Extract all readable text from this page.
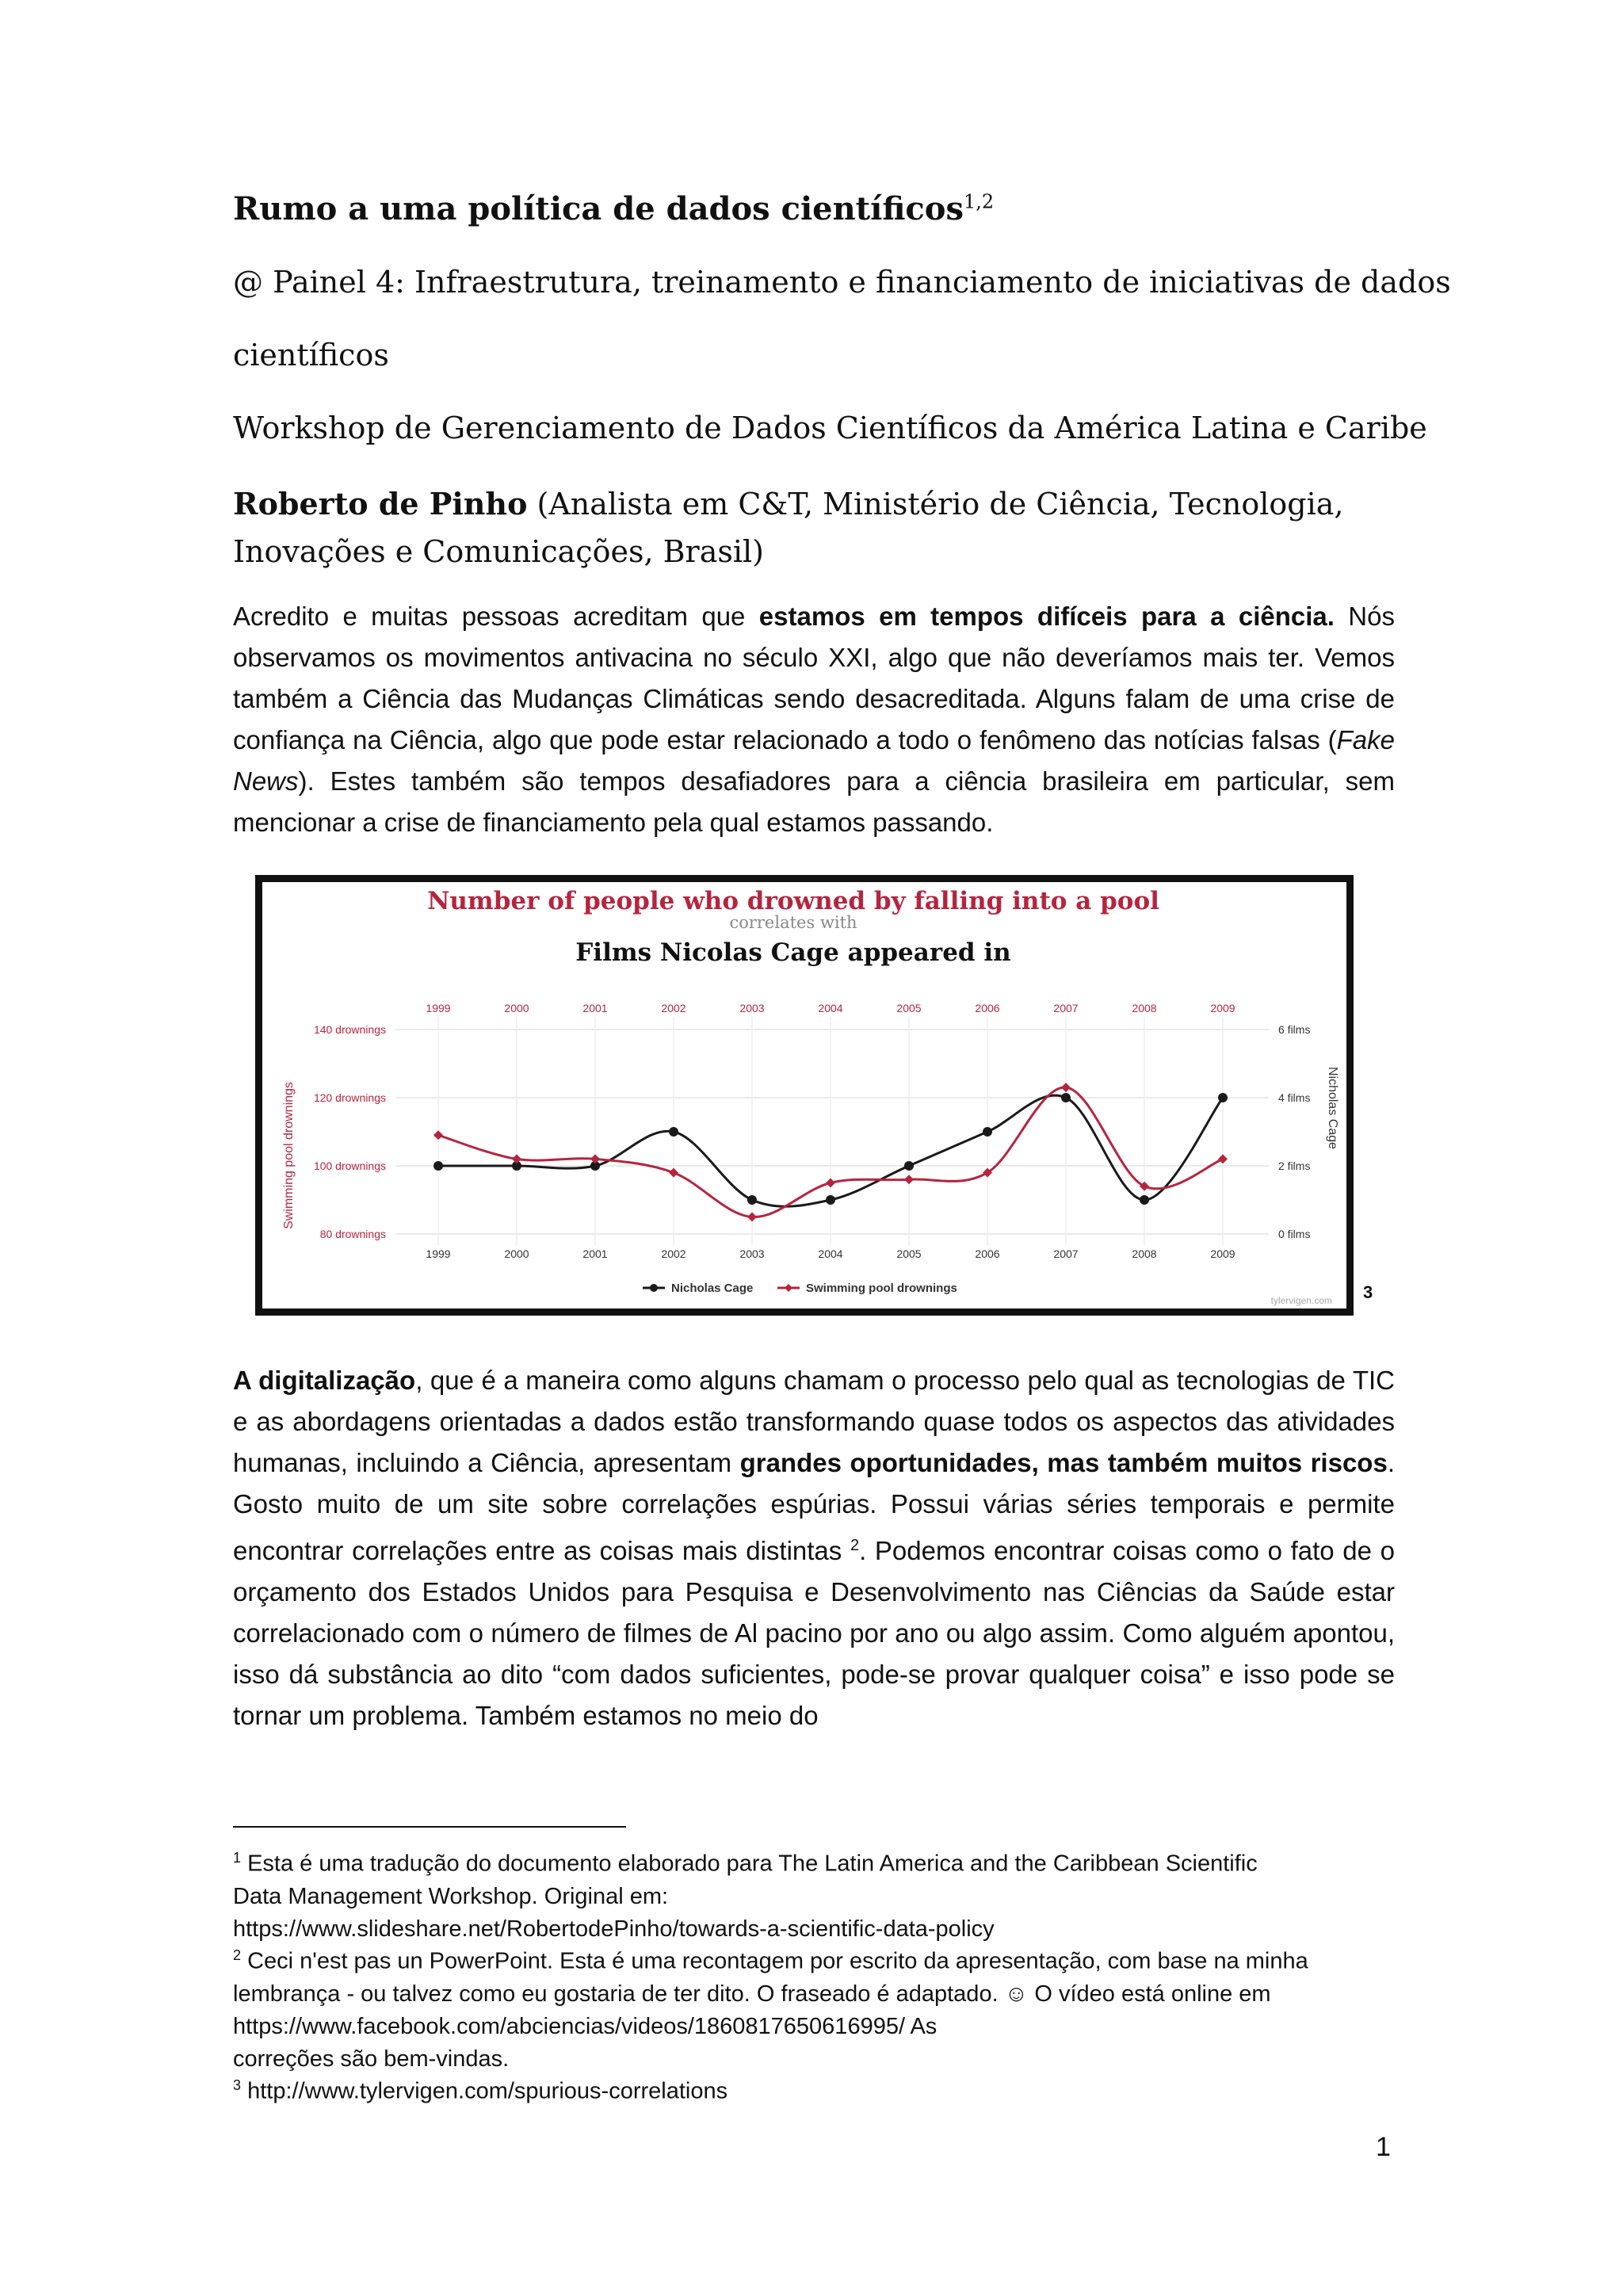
Rumo a uma política de dados científicos$^{1,2}$
@ Painel 4: Infraestrutura, treinamento e financiamento de iniciativas de dados
científicos
Workshop de Gerenciamento de Dados Científicos da América Latina e Caribe
Roberto de Pinho (Analista em C&T, Ministério de Ciência, Tecnologia, Inovações e Comunicações, Brasil)
Acredito e muitas pessoas acreditam que estamos em tempos difíceis para a ciência. Nós observamos os movimentos antivacina no século XXI, algo que não deveríamos mais ter. Vemos também a Ciência das Mudanças Climáticas sendo desacreditada. Alguns falam de uma crise de confiança na Ciência, algo que pode estar relacionado a todo o fenômeno das notícias falsas (Fake News). Estes também são tempos desafiadores para a ciência brasileira em particular, sem mencionar a crise de financiamento pela qual estamos passando.
Number of people who drowned by falling into a pool
correlates with
Films Nicolas Cage appeared in
Swimming pool drownings	Nicholas Cage
140 drownings
120 drownings
100 drownings
80 drownings
6 films
4 films
2 films
0 films
1999
1999
2000
2000
2001
2001
2002
2002
2003
2003
2004
2004
2005
2005
2006
2006
2007
2007
2008
2008
2009
2009
Nicholas Cage	Swimming pool drownings
tylervigen.com 3
A digitalização, que é a maneira como alguns chamam o processo pelo qual as tecnologias de TIC e as abordagens orientadas a dados estão transformando quase todos os aspectos das atividades humanas, incluindo a Ciência, apresentam grandes oportunidades, mas também muitos riscos. Gosto muito de um site sobre correlações espúrias. Possui várias séries temporais e permite encontrar correlações entre as coisas mais distintas $^2$. Podemos encontrar coisas como o fato de o orçamento dos Estados Unidos para Pesquisa e Desenvolvimento nas Ciências da Saúde estar correlacionado com o número de filmes de Al pacino por ano ou algo assim. Como alguém apontou, isso dá substância ao dito “com dados suficientes, pode-se provar qualquer coisa” e isso pode se tornar um problema. Também estamos no meio do
$^1$ Esta é uma tradução do documento elaborado para The Latin America and the Caribbean Scientific
Data Management Workshop. Original em:
https://www.slideshare.net/RobertodePinho/towards-a-scientific-data-policy
$^2$ Ceci n'est pas un PowerPoint. Esta é uma recontagem por escrito da apresentação, com base na minha
lembrança - ou talvez como eu gostaria de ter dito. O fraseado é adaptado. ☺ O vídeo está online em
https://www.facebook.com/abciencias/videos/1860817650616995/ As
correções são bem-vindas.
$^3$ http://www.tylervigen.com/spurious-correlations
1
